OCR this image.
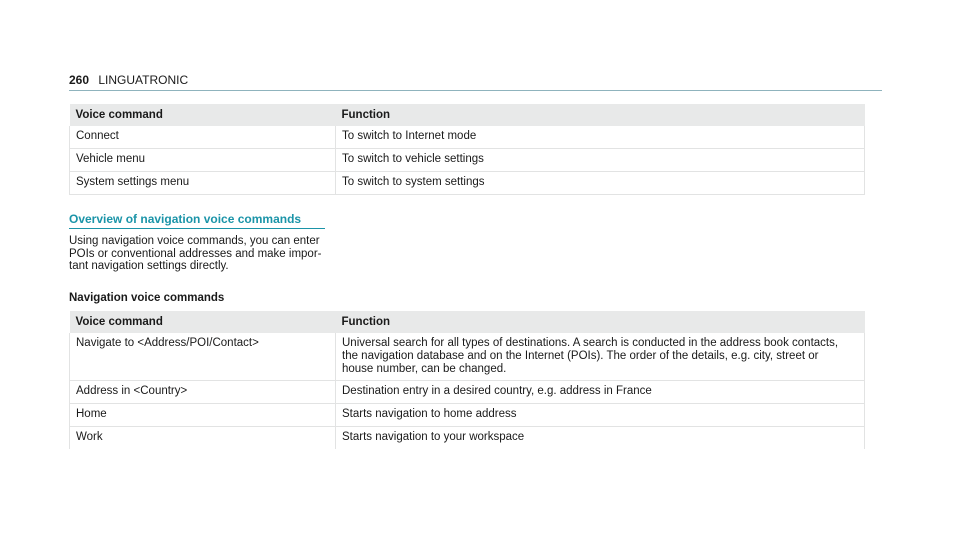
260 LINGUATRONIC
Voice command	Function
Connect	To switch to Internet mode
Vehicle menu	To switch to vehicle settings
System settings menu	To switch to system settings
Overview of navigation voice commands
Using navigation voice commands, you can enter
POIs or conventional addresses and make impor-
tant navigation settings directly.
Navigation voice commands
Voice command	Function
Navigate to <Address/POI/Contact>	Universal search for all types of destinations. A search is conducted in the address book contacts,
the navigation database and on the Internet (POIs). The order of the details, e.g. city, street or
house number, can be changed.

Address in <Country>	Destination entry in a desired country, e.g. address in France
Home	Starts navigation to home address
Work	Starts navigation to your workspace
